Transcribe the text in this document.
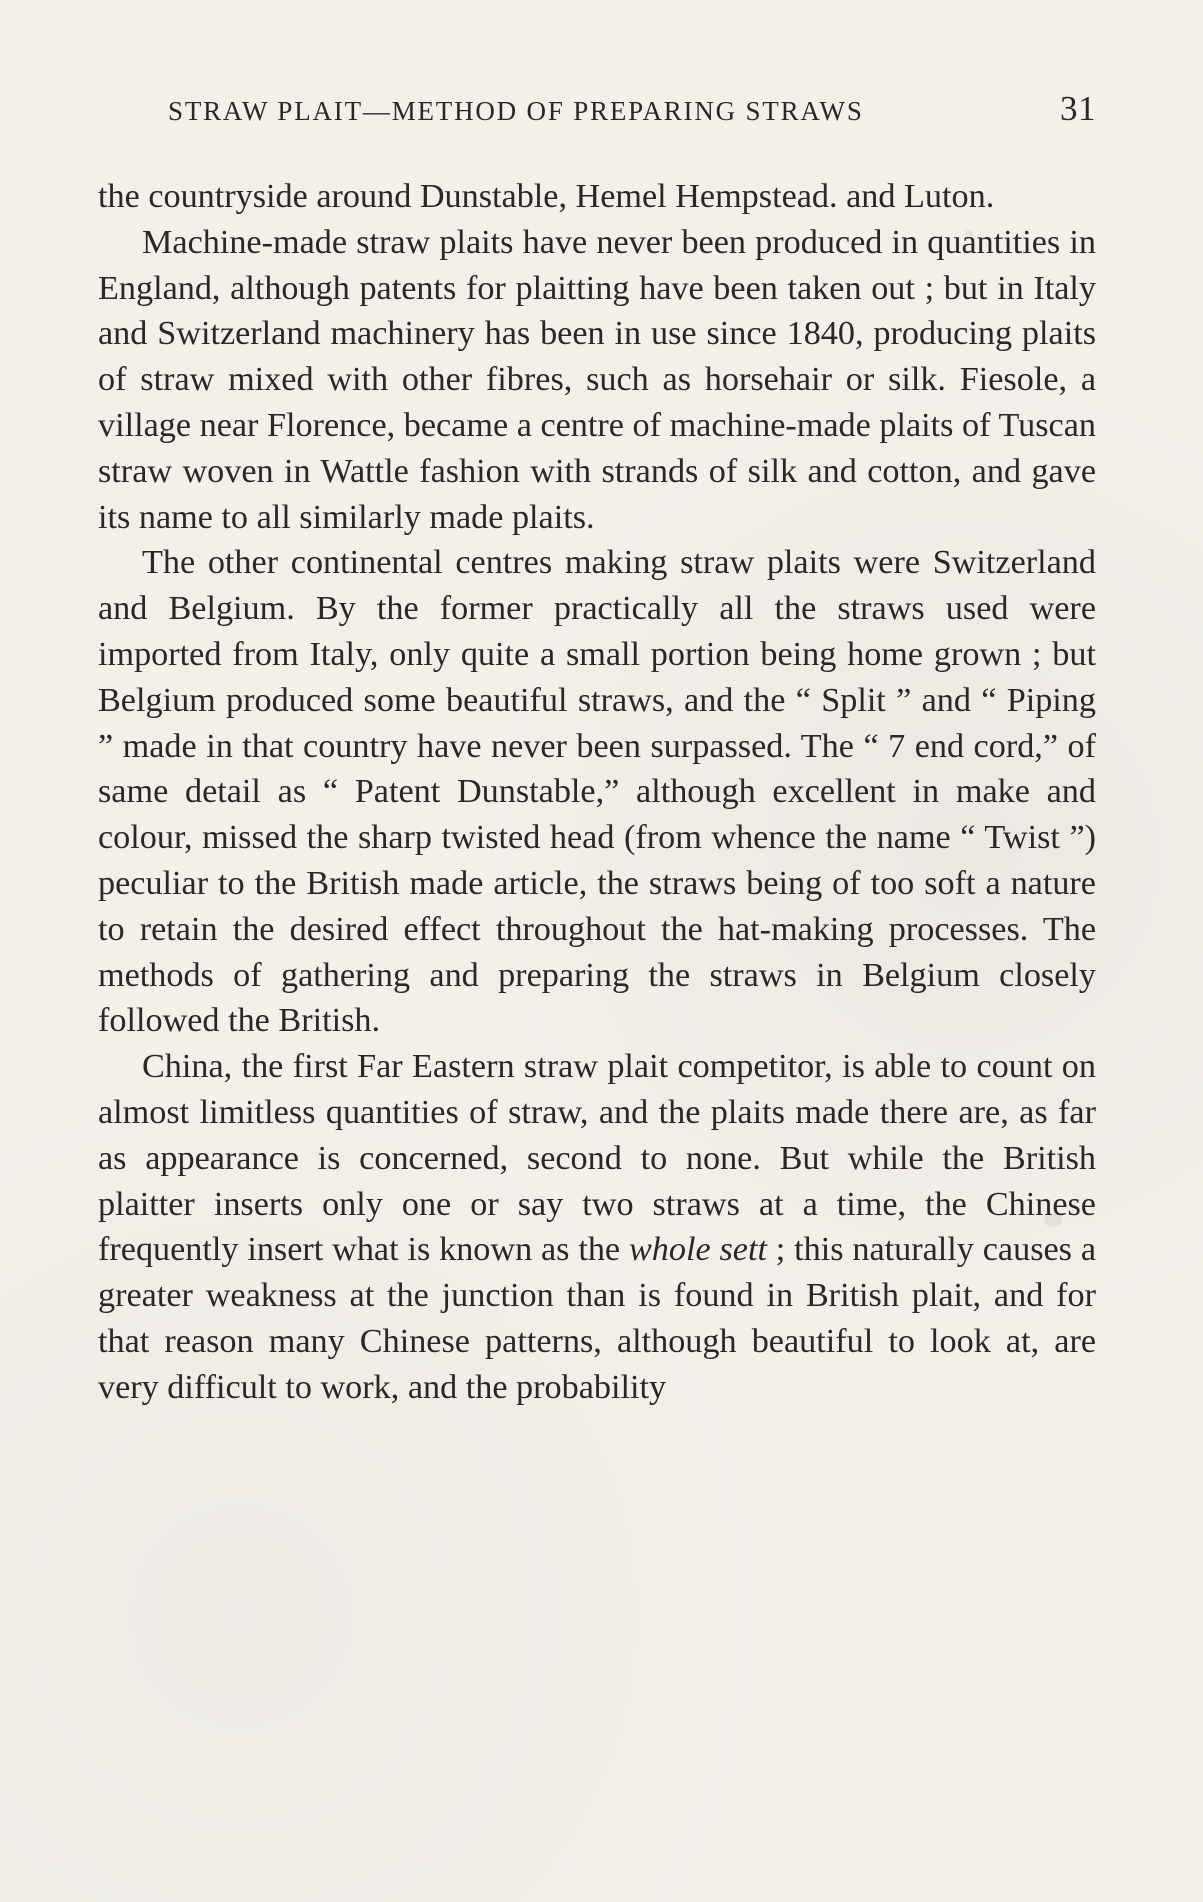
STRAW PLAIT—METHOD OF PREPARING STRAWS	31

the countryside around Dunstable, Hemel Hempstead. and Luton.

Machine-made straw plaits have never been produced in quantities in England, although patents for plaitting have been taken out ; but in Italy and Switzerland machinery has been in use since 1840, producing plaits of straw mixed with other fibres, such as horsehair or silk. Fiesole, a village near Florence, became a centre of machine-made plaits of Tuscan straw woven in Wattle fashion with strands of silk and cotton, and gave its name to all similarly made plaits.

The other continental centres making straw plaits were Switzerland and Belgium. By the former practically all the straws used were imported from Italy, only quite a small portion being home grown ; but Belgium produced some beautiful straws, and the “ Split ” and “ Piping ” made in that country have never been surpassed. The “ 7 end cord,” of same detail as “ Patent Dunstable,” although excellent in make and colour, missed the sharp twisted head (from whence the name “ Twist ”) peculiar to the British made article, the straws being of too soft a nature to retain the desired effect throughout the hat-making processes. The methods of gathering and preparing the straws in Belgium closely followed the British.

China, the first Far Eastern straw plait competitor, is able to count on almost limitless quantities of straw, and the plaits made there are, as far as appearance is concerned, second to none. But while the British plaitter inserts only one or say two straws at a time, the Chinese frequently insert what is known as the whole sett ; this naturally causes a greater weakness at the junction than is found in British plait, and for that reason many Chinese patterns, although beautiful to look at, are very difficult to work, and the probability
